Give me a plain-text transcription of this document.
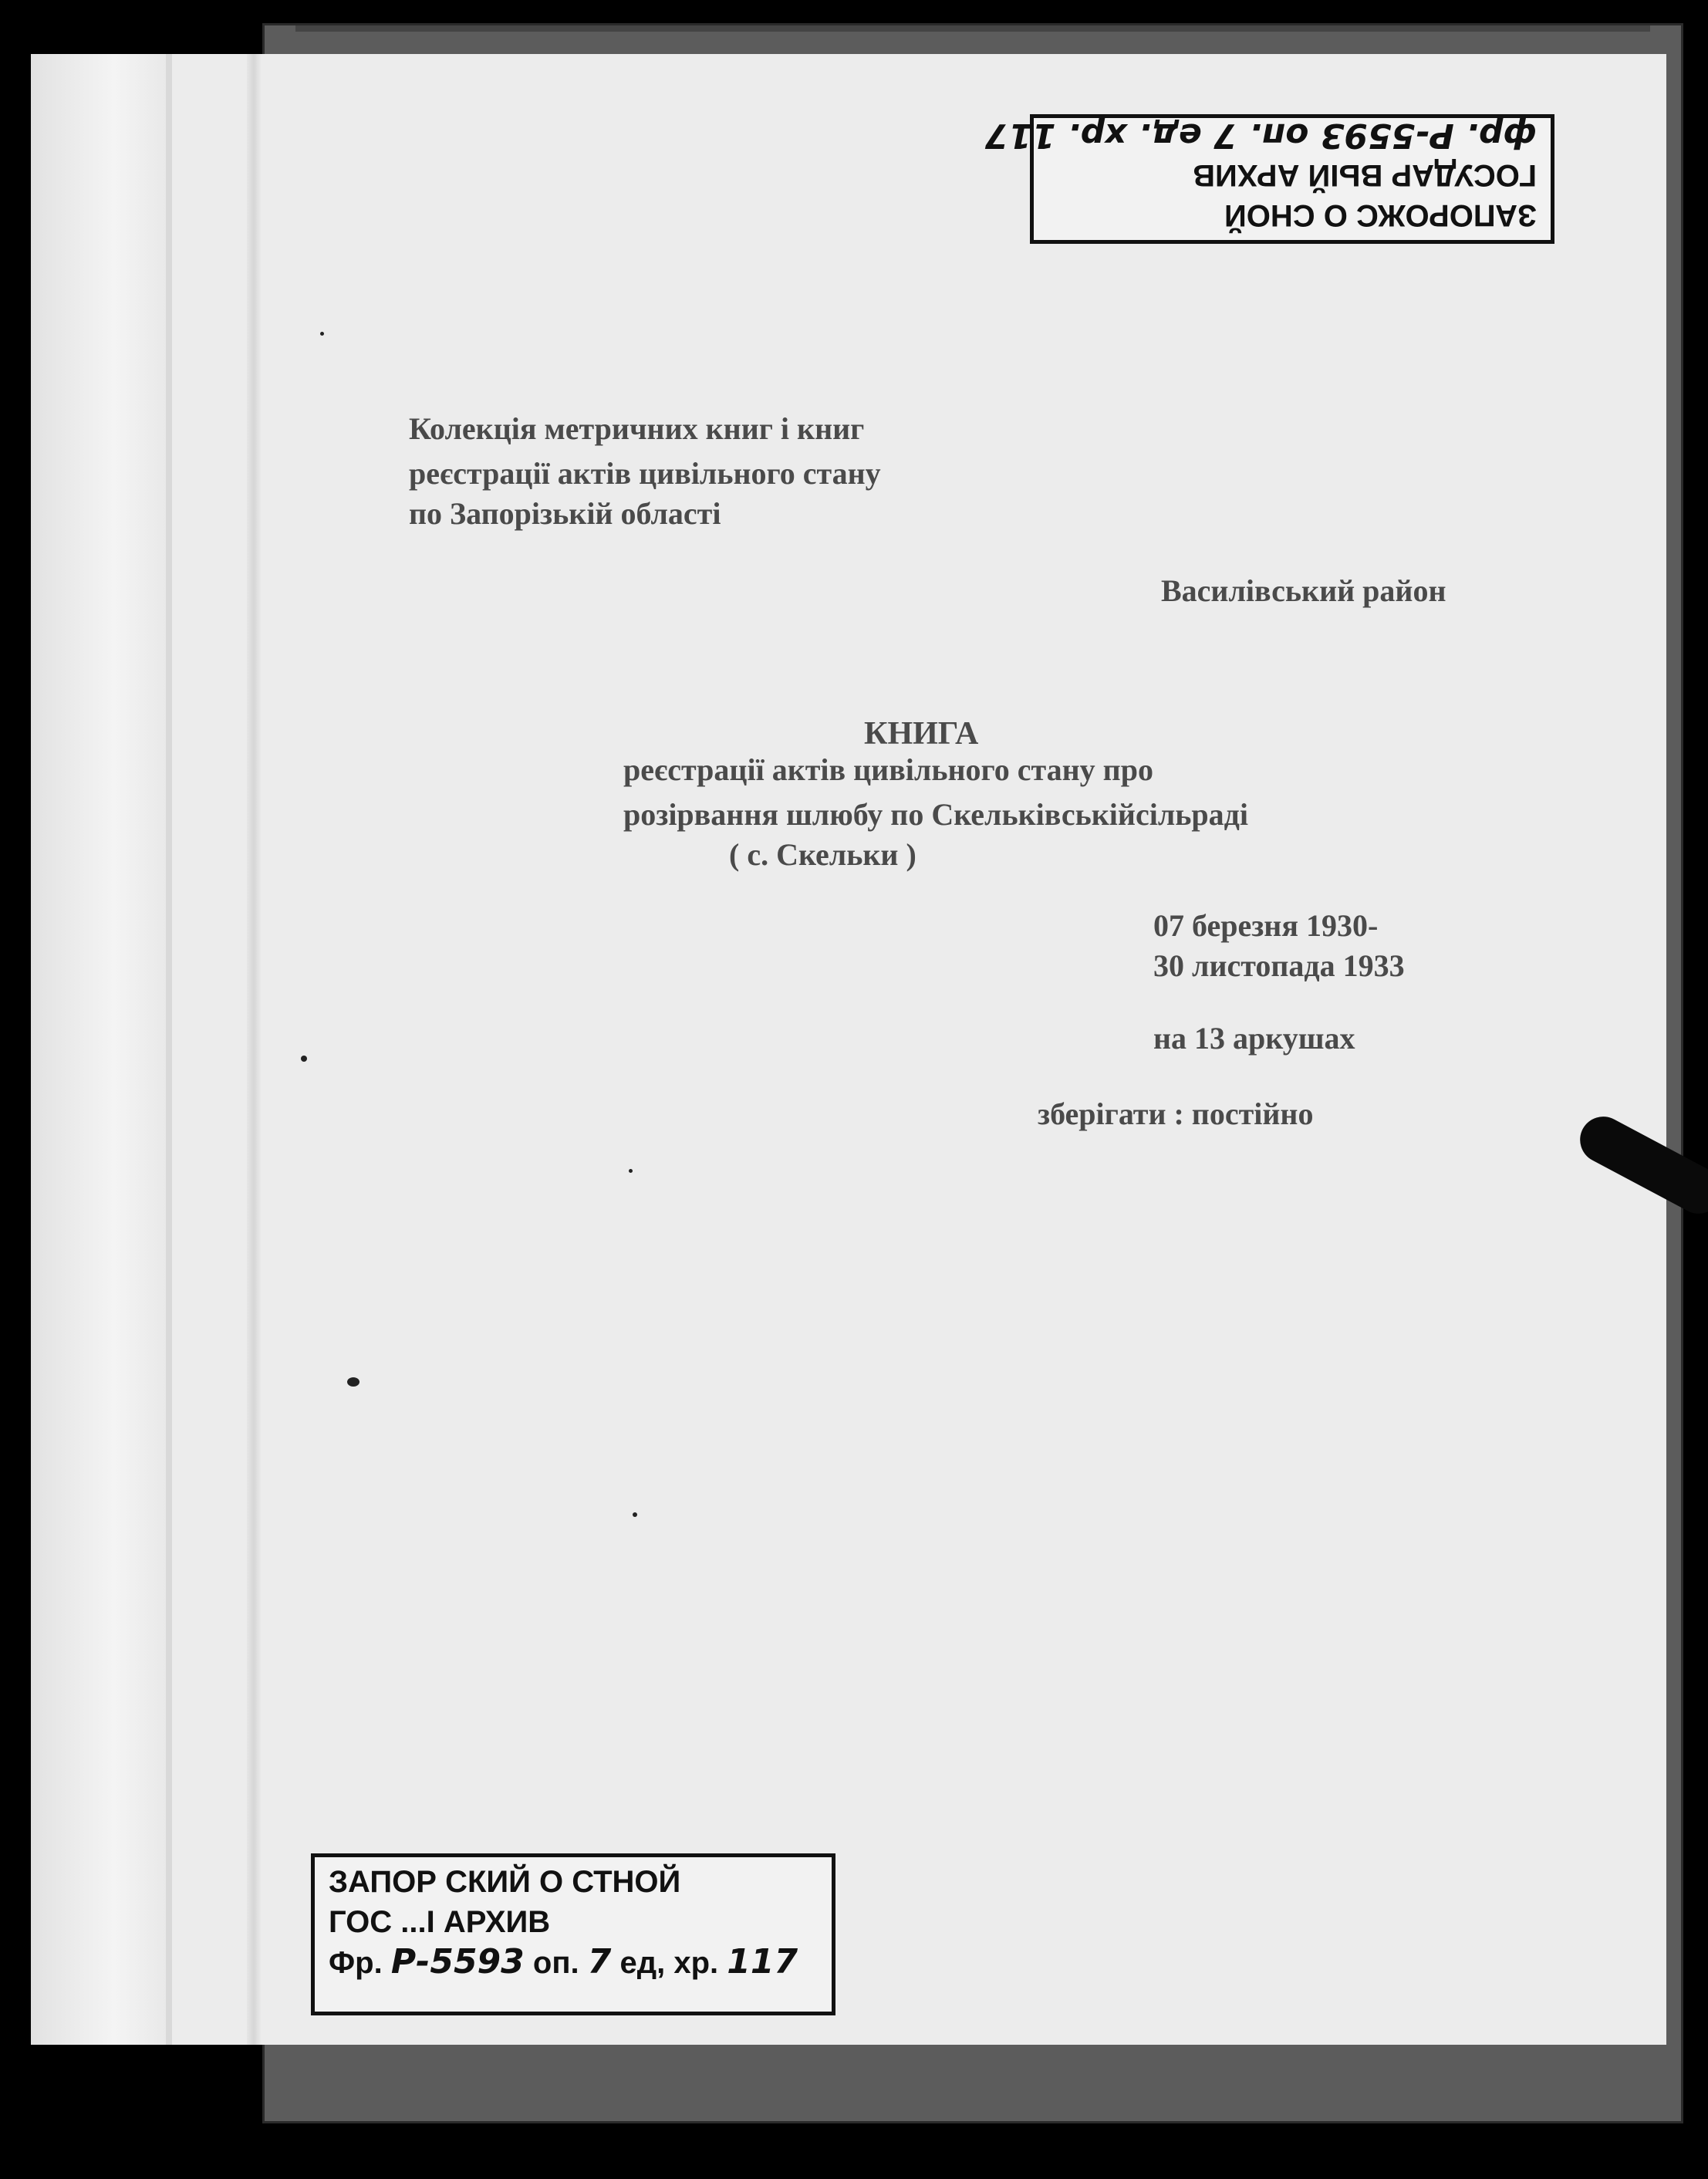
ЗАПОРОЖС О СНОЙ
ГОСУДАР ВЫЙ АРХИВ
фр. Р-5593 оп. 7 ед. хр. 117
Колекція метричних книг і книг
реєстрації актів цивільного стану
по Запорізькій області
Василівський район
КНИГА
реєстрації актів цивільного стану про
розірвання шлюбу по Скельківськійсільраді
( с. Скельки )
07 березня 1930-
30 листопада 1933
на 13 аркушах
зберігати : постійно
ЗАПОР СКИЙ О СТНОЙ
ГОС ...І АРХИВ
Фр. Р-5593 оп. 7 ед, хр. 117
